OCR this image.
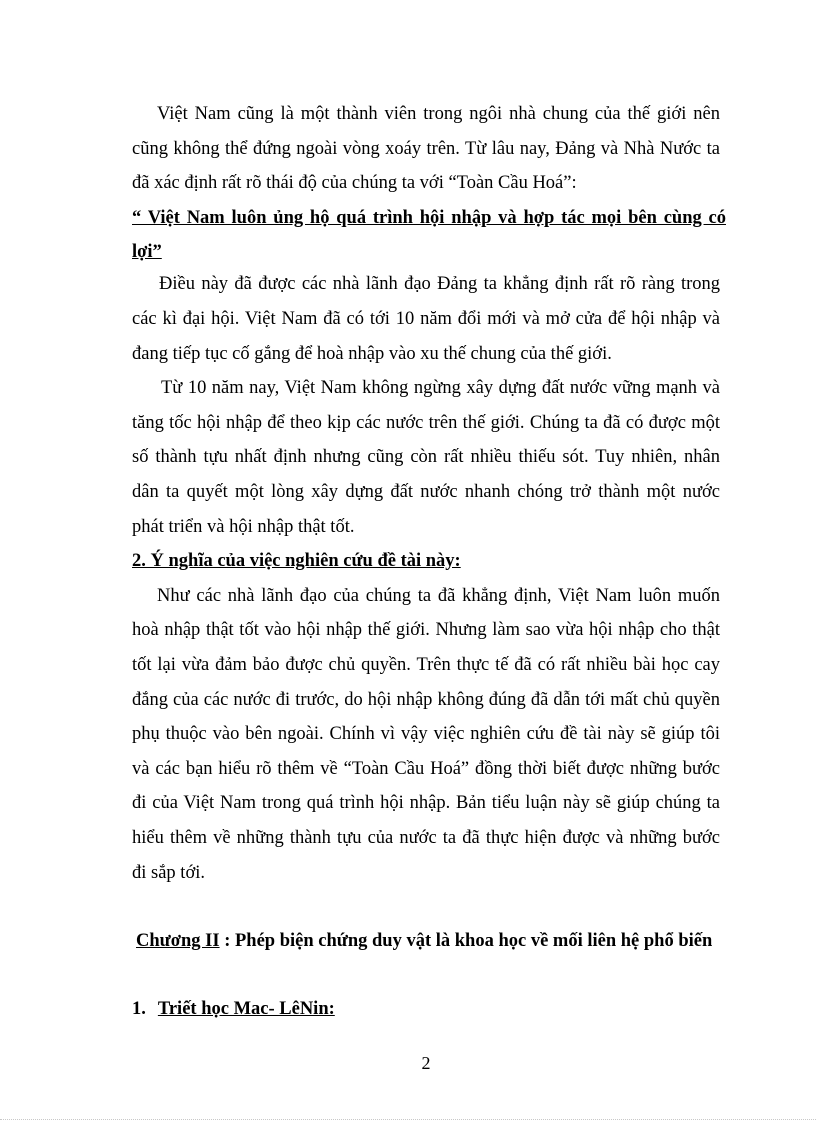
Việt Nam cũng là một thành viên trong ngôi nhà chung của thế giới nên
cũng không thể đứng ngoài vòng xoáy trên. Từ lâu nay, Đảng và Nhà Nước ta
đã xác định rất rõ thái độ của chúng ta với “Toàn Cầu Hoá”:
“ Việt Nam luôn ủng hộ quá trình hội nhập và hợp tác mọi bên cùng có
lợi”
Điều này đã được các nhà lãnh đạo Đảng ta khẳng định rất rõ ràng trong
các kì đại hội. Việt Nam đã có tới 10 năm đổi mới và mở cửa để hội nhập và
đang tiếp tục cố gắng để hoà nhập vào xu thế chung của thế giới.
Từ 10 năm nay, Việt Nam không ngừng xây dựng đất nước vững mạnh và
tăng tốc hội nhập để theo kịp các nước trên thế giới. Chúng ta đã có được một
số thành tựu nhất định nhưng cũng còn rất nhiều thiếu sót. Tuy nhiên, nhân
dân ta quyết một lòng xây dựng đất nước nhanh chóng trở thành một nước
phát triển và hội nhập thật tốt.
2. Ý nghĩa của việc nghiên cứu đề tài này:
Như các nhà lãnh đạo của chúng ta đã khẳng định, Việt Nam luôn muốn
hoà nhập thật tốt vào hội nhập thế giới. Nhưng làm sao vừa hội nhập cho thật
tốt lại vừa đảm bảo được chủ quyền. Trên thực tế đã có rất nhiều bài học cay
đắng của các nước đi trước, do hội nhập không đúng đã dẫn tới mất chủ quyền
phụ thuộc vào bên ngoài. Chính vì vậy việc nghiên cứu đề tài này sẽ giúp tôi
và các bạn hiểu rõ thêm về “Toàn Cầu Hoá” đồng thời biết được những bước
đi của Việt Nam trong quá trình hội nhập. Bản tiểu luận này sẽ giúp chúng ta
hiểu thêm về những thành tựu của nước ta đã thực hiện được và những bước
đi sắp tới.
Chương II : Phép biện chứng duy vật là khoa học về mối liên hệ phổ biến
1. Triết học Mac- LêNin:
2
